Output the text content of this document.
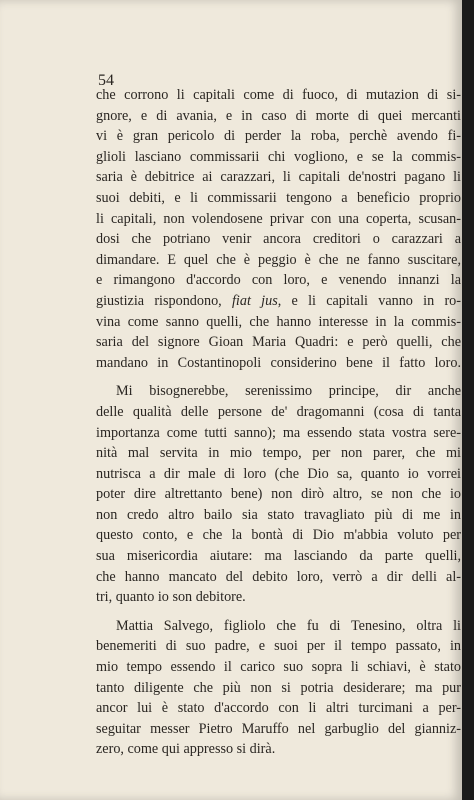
54
che corrono li capitali come di fuoco, di mutazion di si-
gnore, e di avania, e in caso di morte di quei mercanti
vi è gran pericolo di perder la roba, perchè avendo fi-
glioli lasciano commissarii chi vogliono, e se la commis-
saria è debitrice ai carazzari, li capitali de'nostri pagano li
suoi debiti, e li commissarii tengono a beneficio proprio
li capitali, non volendosene privar con una coperta, scusan-
dosi che potriano venir ancora creditori o carazzari a
dimandare. E quel che è peggio è che ne fanno suscitare,
e rimangono d'accordo con loro, e venendo innanzi la
giustizia rispondono, fiat jus, e li capitali vanno in ro-
vina come sanno quelli, che hanno interesse in la commis-
saria del signore Gioan Maria Quadri: e però quelli, che
mandano in Costantinopoli considerino bene il fatto loro.
Mi bisognerebbe, serenissimo principe, dir anche
delle qualità delle persone de' dragomanni (cosa di tanta
importanza come tutti sanno); ma essendo stata vostra sere-
nità mal servita in mio tempo, per non parer, che mi
nutrisca a dir male di loro (che Dio sa, quanto io vorrei
poter dire altrettanto bene) non dirò altro, se non che io
non credo altro bailo sia stato travagliato più di me in
questo conto, e che la bontà di Dio m'abbia voluto per
sua misericordia aiutare: ma lasciando da parte quelli,
che hanno mancato del debito loro, verrò a dir delli al-
tri, quanto io son debitore.
Mattia Salvego, figliolo che fu di Tenesino, oltra li
benemeriti di suo padre, e suoi per il tempo passato, in
mio tempo essendo il carico suo sopra li schiavi, è stato
tanto diligente che più non si potria desiderare; ma pur
ancor lui è stato d'accordo con li altri turcimani a per-
seguitar messer Pietro Maruffo nel garbuglio del gianniz-
zero, come qui appresso si dirà.
